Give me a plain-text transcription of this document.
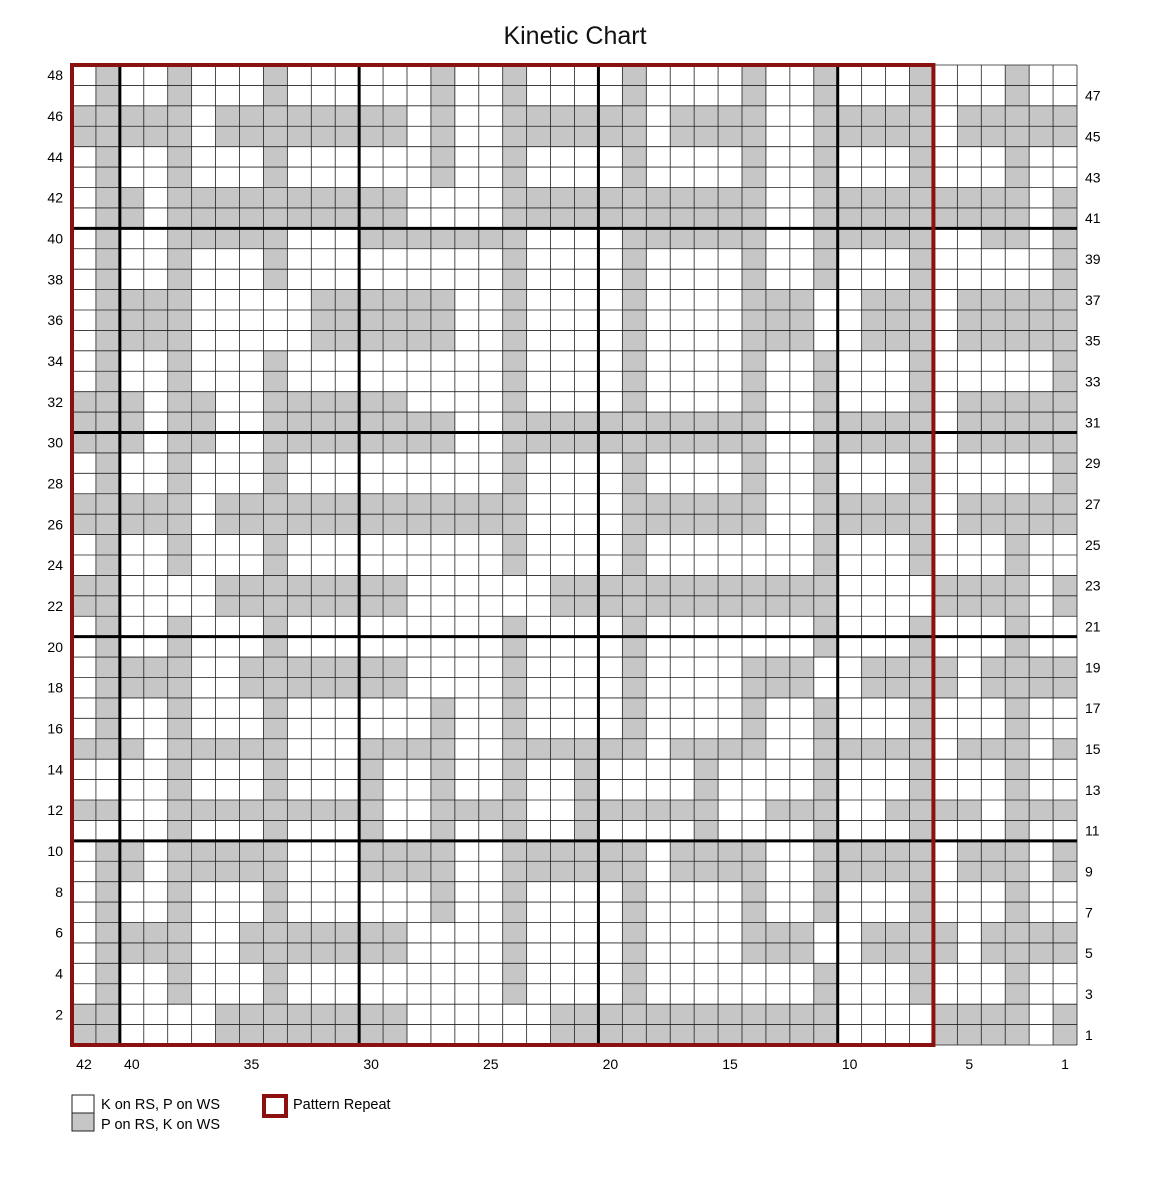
Kinetic Chart
48
46
44
42
40
38
36
34
32
30
28
26
24
22
20
18
16
14
12
10
8
6
4
2
47
45
43
41
39
37
35
33
31
29
27
25
23
21
19
17
15
13
11
9
7
5
3
1
42 40	35	30	25	20	15	10	5	1
K on RS, P on WS
P on RS, K on WS
Pattern Repeat
